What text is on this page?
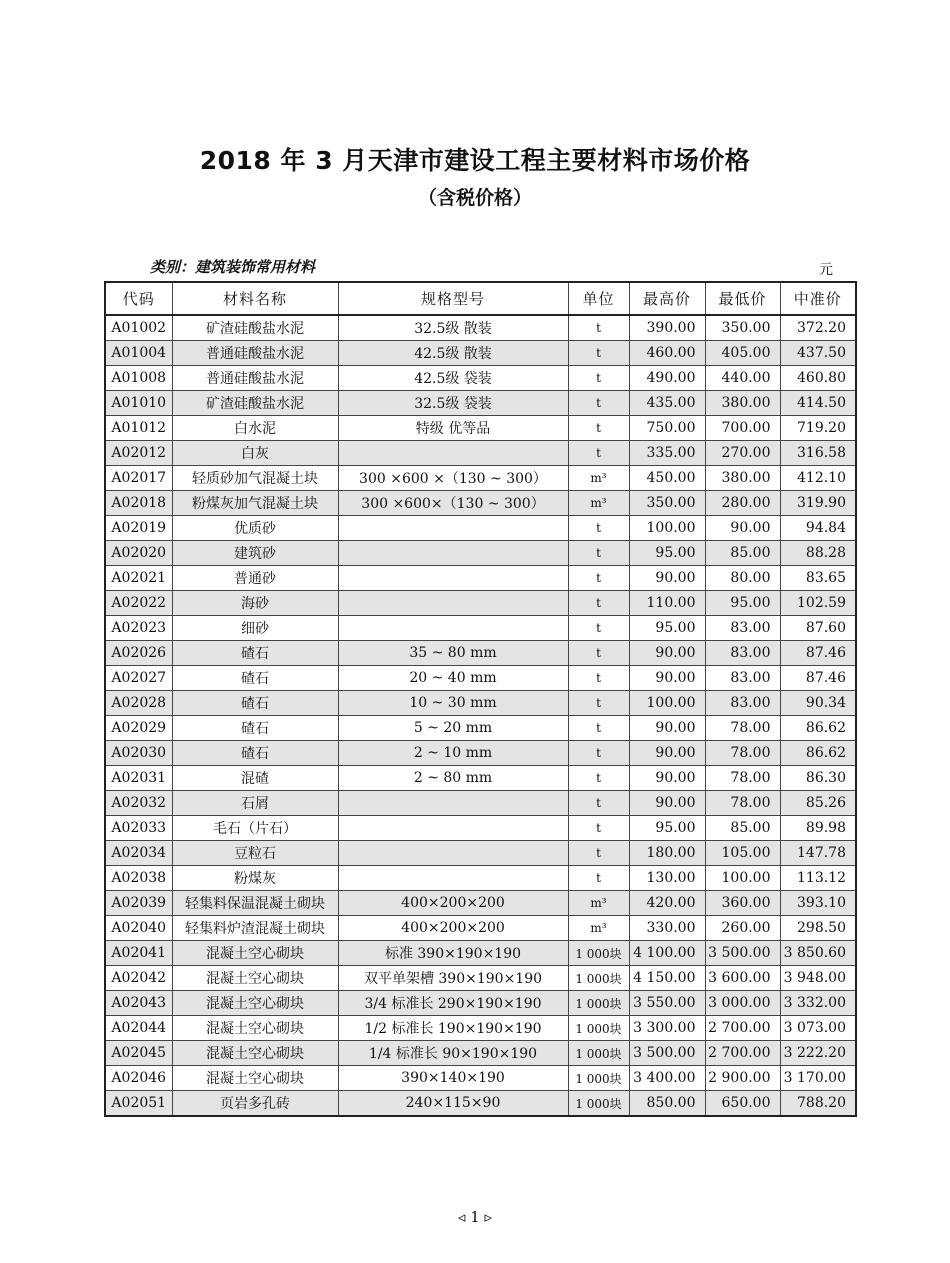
2018 年 3 月天津市建设工程主要材料市场价格
（含税价格）
类别：建筑装饰常用材料	元
代码	材料名称	规格型号	单位	最高价	最低价	中准价
A01002	矿渣硅酸盐水泥	32.5级 散装	t	390.00	350.00	372.20
A01004	普通硅酸盐水泥	42.5级 散装	t	460.00	405.00	437.50
A01008	普通硅酸盐水泥	42.5级 袋装	t	490.00	440.00	460.80
A01010	矿渣硅酸盐水泥	32.5级 袋装	t	435.00	380.00	414.50
A01012	白水泥	特级 优等品	t	750.00	700.00	719.20
A02012	白灰		t	335.00	270.00	316.58
A02017	轻质砂加气混凝土块	300 ×600 ×（130 ~ 300）	m³	450.00	380.00	412.10
A02018	粉煤灰加气混凝土块	300 ×600×（130 ~ 300）	m³	350.00	280.00	319.90
A02019	优质砂		t	100.00	90.00	94.84
A02020	建筑砂		t	95.00	85.00	88.28
A02021	普通砂		t	90.00	80.00	83.65
A02022	海砂		t	110.00	95.00	102.59
A02023	细砂		t	95.00	83.00	87.60
A02026	碴石	35 ~ 80 mm	t	90.00	83.00	87.46
A02027	碴石	20 ~ 40 mm	t	90.00	83.00	87.46
A02028	碴石	10 ~ 30 mm	t	100.00	83.00	90.34
A02029	碴石	5 ~ 20 mm	t	90.00	78.00	86.62
A02030	碴石	2 ~ 10 mm	t	90.00	78.00	86.62
A02031	混碴	2 ~ 80 mm	t	90.00	78.00	86.30
A02032	石屑		t	90.00	78.00	85.26
A02033	毛石（片石）		t	95.00	85.00	89.98
A02034	豆粒石		t	180.00	105.00	147.78
A02038	粉煤灰		t	130.00	100.00	113.12
A02039	轻集料保温混凝土砌块	400×200×200	m³	420.00	360.00	393.10
A02040	轻集料炉渣混凝土砌块	400×200×200	m³	330.00	260.00	298.50
A02041	混凝土空心砌块	标准 390×190×190	1 000块	4 100.00	3 500.00	3 850.60
A02042	混凝土空心砌块	双平单架槽 390×190×190	1 000块	4 150.00	3 600.00	3 948.00
A02043	混凝土空心砌块	3/4 标准长 290×190×190	1 000块	3 550.00	3 000.00	3 332.00
A02044	混凝土空心砌块	1/2 标准长 190×190×190	1 000块	3 300.00	2 700.00	3 073.00
A02045	混凝土空心砌块	1/4 标准长 90×190×190	1 000块	3 500.00	2 700.00	3 222.20
A02046	混凝土空心砌块	390×140×190	1 000块	3 400.00	2 900.00	3 170.00
A02051	页岩多孔砖	240×115×90	1 000块	850.00	650.00	788.20
◃ 1 ▹
